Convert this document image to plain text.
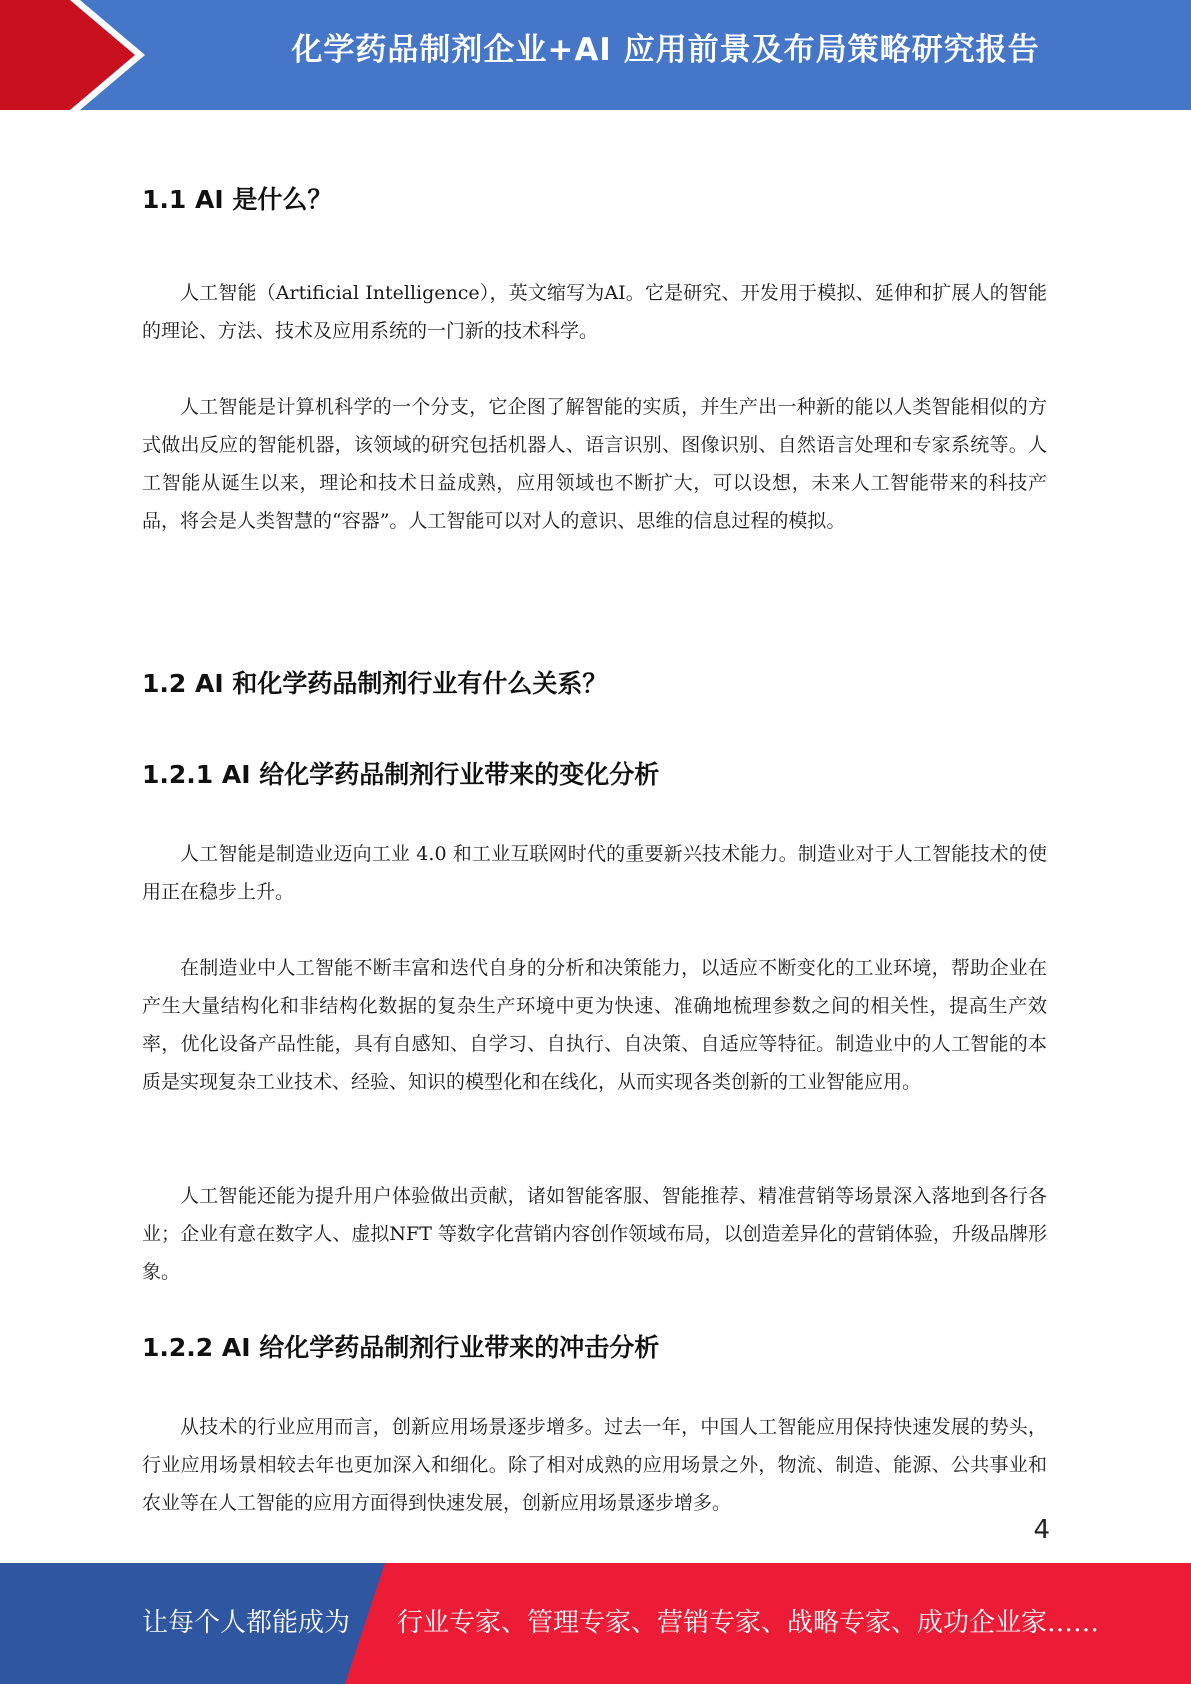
化学药品制剂企业+AI 应用前景及布局策略研究报告
1.1 AI 是什么？

人工智能（Artificial Intelligence），英文缩写为AI。它是研究、开发用于模拟、延伸和扩展人的智能的理论、方法、技术及应用系统的一门新的技术科学。

人工智能是计算机科学的一个分支，它企图了解智能的实质，并生产出一种新的能以人类智能相似的方式做出反应的智能机器，该领域的研究包括机器人、语言识别、图像识别、自然语言处理和专家系统等。人工智能从诞生以来，理论和技术日益成熟，应用领域也不断扩大，可以设想，未来人工智能带来的科技产品，将会是人类智慧的“容器”。人工智能可以对人的意识、思维的信息过程的模拟。

1.2 AI 和化学药品制剂行业有什么关系？
1.2.1 AI 给化学药品制剂行业带来的变化分析

人工智能是制造业迈向工业 4.0 和工业互联网时代的重要新兴技术能力。制造业对于人工智能技术的使用正在稳步上升。

在制造业中人工智能不断丰富和迭代自身的分析和决策能力，以适应不断变化的工业环境，帮助企业在产生大量结构化和非结构化数据的复杂生产环境中更为快速、准确地梳理参数之间的相关性，提高生产效率，优化设备产品性能，具有自感知、自学习、自执行、自决策、自适应等特征。制造业中的人工智能的本质是实现复杂工业技术、经验、知识的模型化和在线化，从而实现各类创新的工业智能应用。

人工智能还能为提升用户体验做出贡献，诸如智能客服、智能推荐、精准营销等场景深入落地到各行各业；企业有意在数字人、虚拟NFT 等数字化营销内容创作领域布局，以创造差异化的营销体验，升级品牌形象。

1.2.2 AI 给化学药品制剂行业带来的冲击分析

从技术的行业应用而言，创新应用场景逐步增多。过去一年，中国人工智能应用保持快速发展的势头，行业应用场景相较去年也更加深入和细化。除了相对成熟的应用场景之外，物流、制造、能源、公共事业和农业等在人工智能的应用方面得到快速发展，创新应用场景逐步增多。

4
让每个人都能成为 行业专家、管理专家、营销专家、战略专家、成功企业家……
